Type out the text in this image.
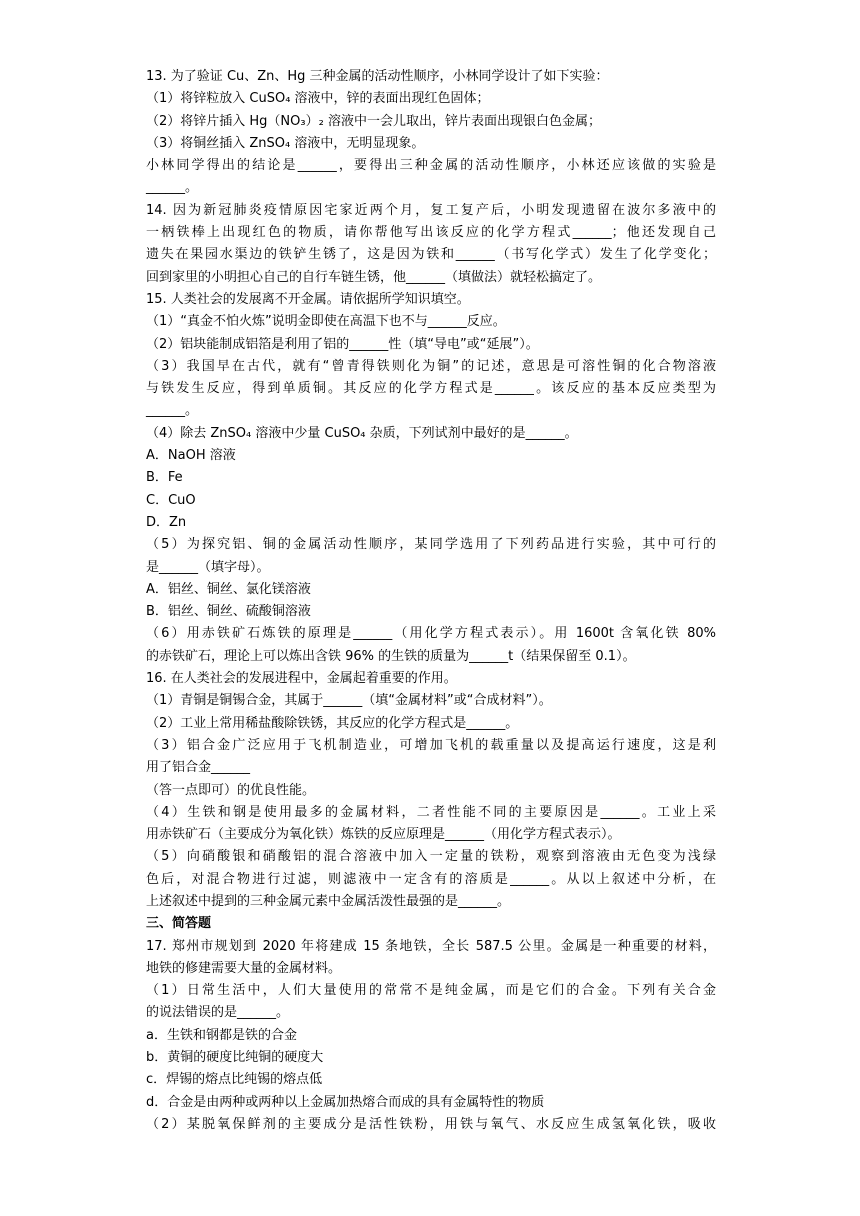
13. 为了验证 Cu、Zn、Hg 三种金属的活动性顺序，小林同学设计了如下实验：
（1）将锌粒放入 CuSO₄ 溶液中，锌的表面出现红色固体；
（2）将锌片插入 Hg（NO₃）₂ 溶液中一会儿取出，锌片表面出现银白色金属；
（3）将铜丝插入 ZnSO₄ 溶液中，无明显现象。
小林同学得出的结论是______，要得出三种金属的活动性顺序，小林还应该做的实验是
______。
14. 因为新冠肺炎疫情原因宅家近两个月，复工复产后，小明发现遗留在波尔多液中的
一柄铁棒上出现红色的物质，请你帮他写出该反应的化学方程式______；他还发现自己
遗失在果园水渠边的铁铲生锈了，这是因为铁和______（书写化学式）发生了化学变化；
回到家里的小明担心自己的自行车链生锈，他______（填做法）就轻松搞定了。
15. 人类社会的发展离不开金属。请依据所学知识填空。
（1）“真金不怕火炼”说明金即使在高温下也不与______反应。
（2）铝块能制成铝箔是利用了铝的______性（填“导电”或“延展”）。
（3）我国早在古代，就有“曾青得铁则化为铜”的记述，意思是可溶性铜的化合物溶液
与铁发生反应，得到单质铜。其反应的化学方程式是______。该反应的基本反应类型为
______。
（4）除去 ZnSO₄ 溶液中少量 CuSO₄ 杂质，下列试剂中最好的是______。
A．NaOH 溶液
B．Fe
C．CuO
D．Zn
（5）为探究铝、铜的金属活动性顺序，某同学选用了下列药品进行实验，其中可行的
是______（填字母）。
A．铝丝、铜丝、氯化镁溶液
B．铝丝、铜丝、硫酸铜溶液
（6）用赤铁矿石炼铁的原理是______（用化学方程式表示）。用 1600t 含氧化铁 80%
的赤铁矿石，理论上可以炼出含铁 96% 的生铁的质量为______t（结果保留至 0.1）。
16. 在人类社会的发展进程中，金属起着重要的作用。
（1）青铜是铜锡合金，其属于______（填“金属材料”或“合成材料”）。
（2）工业上常用稀盐酸除铁锈，其反应的化学方程式是______。
（3）铝合金广泛应用于飞机制造业，可增加飞机的载重量以及提高运行速度，这是利
用了铝合金______
（答一点即可）的优良性能。
（4）生铁和钢是使用最多的金属材料，二者性能不同的主要原因是______。工业上采
用赤铁矿石（主要成分为氧化铁）炼铁的反应原理是______（用化学方程式表示）。
（5）向硝酸银和硝酸铝的混合溶液中加入一定量的铁粉，观察到溶液由无色变为浅绿
色后，对混合物进行过滤，则滤液中一定含有的溶质是______。从以上叙述中分析，在
上述叙述中提到的三种金属元素中金属活泼性最强的是______。
三、简答题
17. 郑州市规划到 2020 年将建成 15 条地铁，全长 587.5 公里。金属是一种重要的材料，
地铁的修建需要大量的金属材料。
（1）日常生活中，人们大量使用的常常不是纯金属，而是它们的合金。下列有关合金
的说法错误的是______。
a．生铁和钢都是铁的合金
b．黄铜的硬度比纯铜的硬度大
c．焊锡的熔点比纯锡的熔点低
d．合金是由两种或两种以上金属加热熔合而成的具有金属特性的物质
（2）某脱氧保鲜剂的主要成分是活性铁粉，用铁与氧气、水反应生成氢氧化铁，吸收
